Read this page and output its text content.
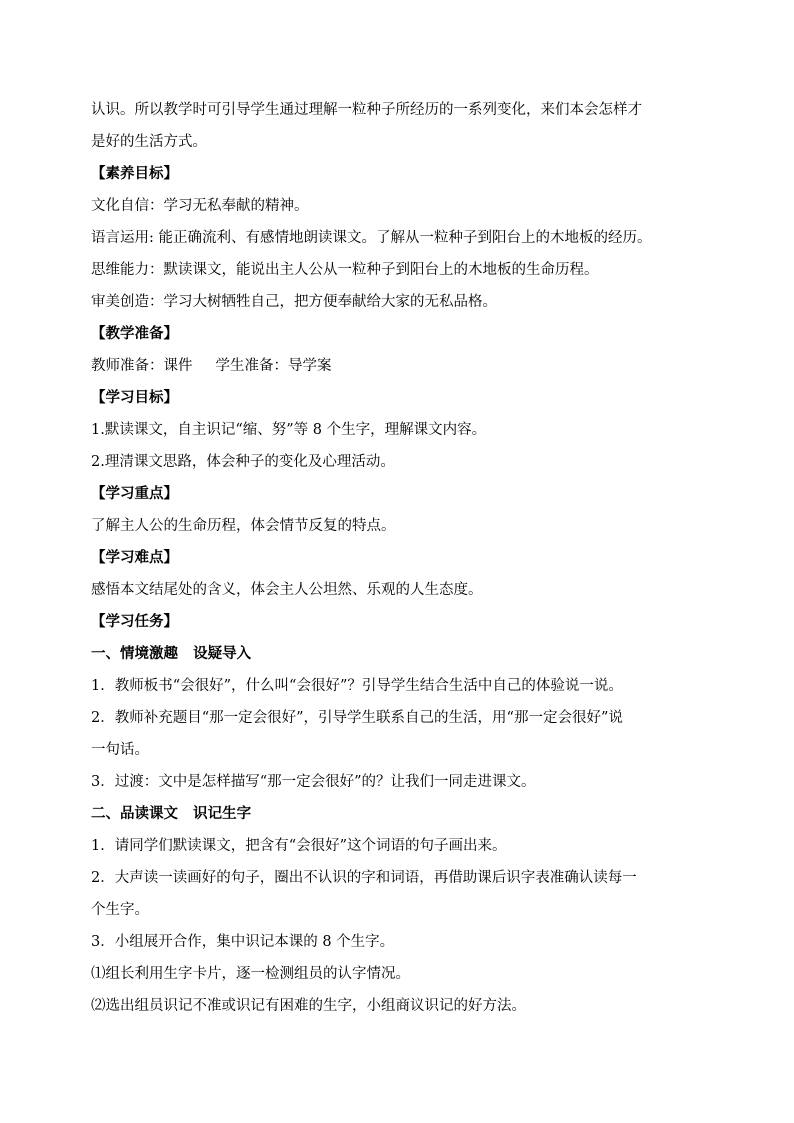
认识。所以教学时可引导学生通过理解一粒种子所经历的一系列变化，来们本会怎样才
是好的生活方式。
【素养目标】
文化自信：学习无私奉献的精神。
语言运用: 能正确流利、有感情地朗读课文。了解从一粒种子到阳台上的木地板的经历。
思维能力：默读课文，能说出主人公从一粒种子到阳台上的木地板的生命历程。
审美创造：学习大树牺牲自己，把方便奉献给大家的无私品格。
【教学准备】
教师准备：课件     学生准备：导学案
【学习目标】
1.默读课文，自主识记“缩、努”等 8 个生字，理解课文内容。
2.理清课文思路，体会种子的变化及心理活动。
【学习重点】
了解主人公的生命历程，体会情节反复的特点。
【学习难点】
感悟本文结尾处的含义，体会主人公坦然、乐观的人生态度。
【学习任务】
一、情境激趣   设疑导入
1．教师板书“会很好”，什么叫“会很好”？引导学生结合生活中自己的体验说一说。
2．教师补充题目“那一定会很好”，引导学生联系自己的生活，用“那一定会很好”说
一句话。
3．过渡：文中是怎样描写“那一定会很好”的？让我们一同走进课文。
二、品读课文   识记生字
1．请同学们默读课文，把含有“会很好”这个词语的句子画出来。
2．大声读一读画好的句子，圈出不认识的字和词语，再借助课后识字表准确认读每一
个生字。
3．小组展开合作，集中识记本课的 8 个生字。
⑴组长利用生字卡片，逐一检测组员的认字情况。
⑵选出组员识记不准或识记有困难的生字，小组商议识记的好方法。
